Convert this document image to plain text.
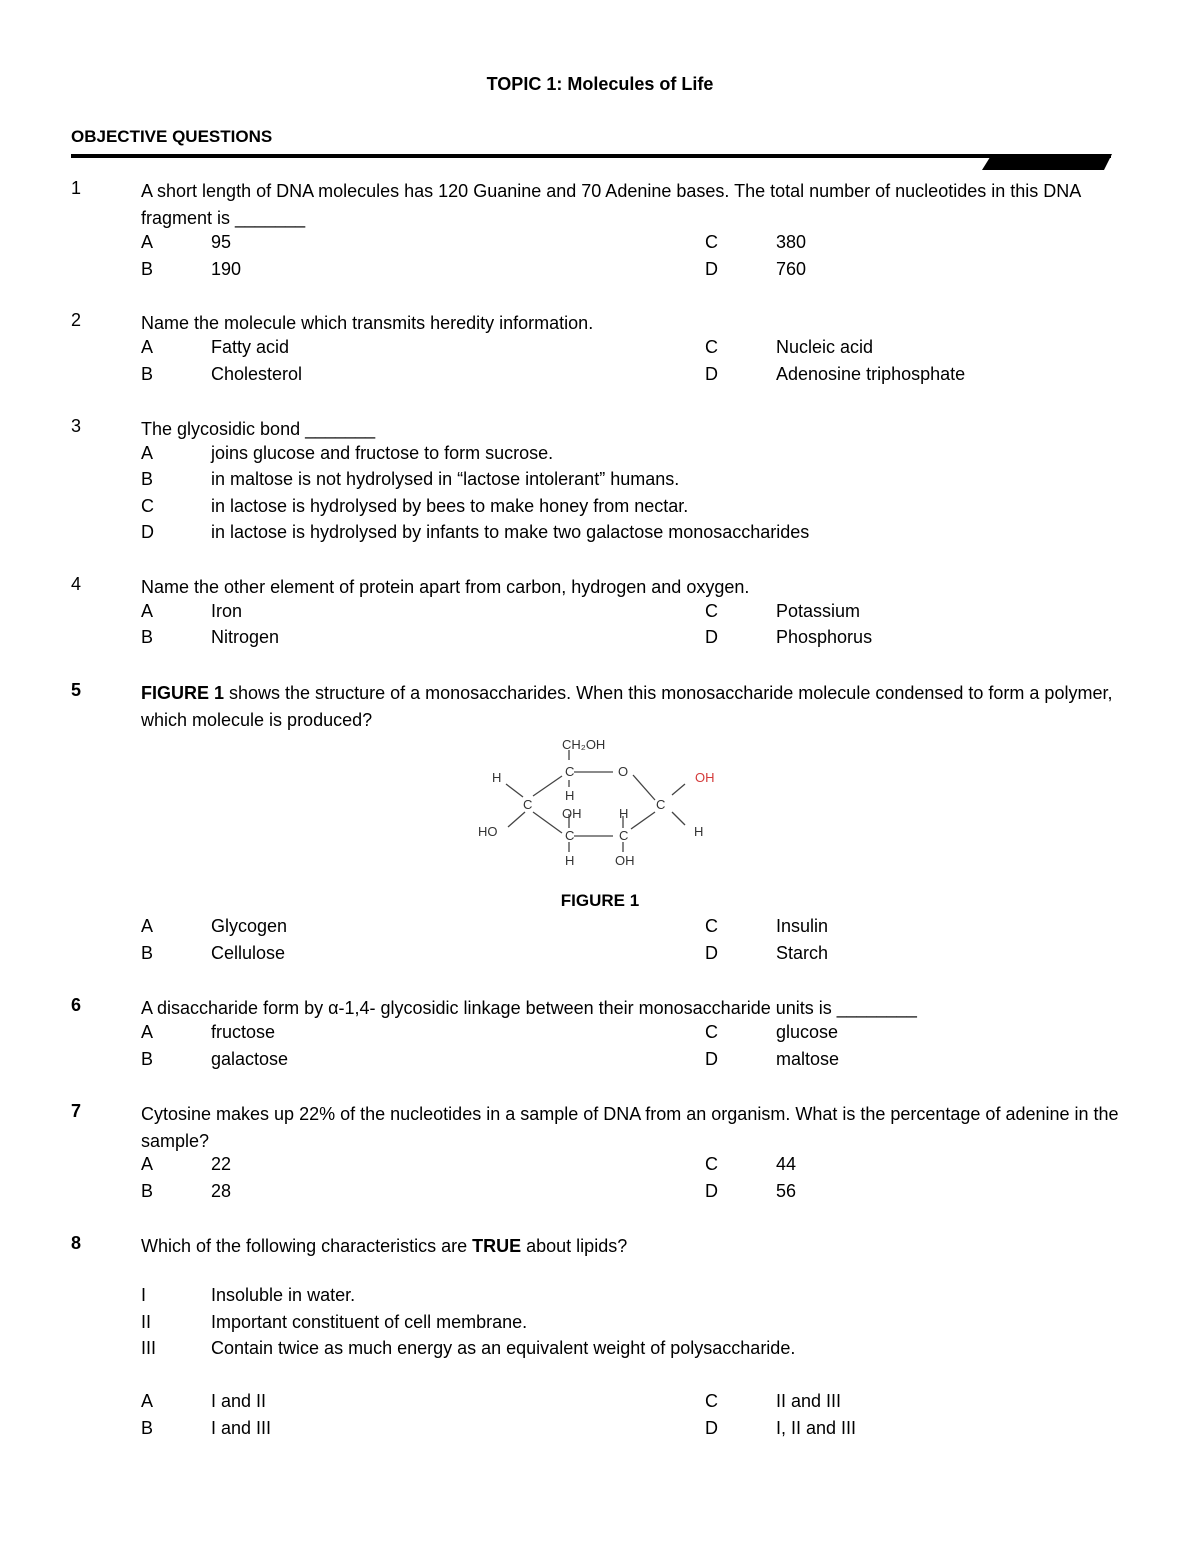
TOPIC 1: Molecules of Life
OBJECTIVE QUESTIONS
1	A short length of DNA molecules has 120 Guanine and 70 Adenine bases. The total number of nucleotides in this DNA fragment is _______
A	95
B	190
C	380
D	760
2	Name the molecule which transmits heredity information.
A	Fatty acid
B	Cholesterol
C	Nucleic acid
D	Adenosine triphosphate
3	The glycosidic bond _______
A	joins glucose and fructose to form sucrose.
B	in maltose is not hydrolysed in “lactose intolerant” humans.
C	in lactose is hydrolysed by bees to make honey from nectar.
D	in lactose is hydrolysed by infants to make two galactose monosaccharides
4	Name the other element of protein apart from carbon, hydrogen and oxygen.
A	Iron
B	Nitrogen
C	Potassium
D	Phosphorus
5	FIGURE 1 shows the structure of a monosaccharides. When this monosaccharide molecule condensed to form a polymer, which molecule is produced?
CH₂OH
C	O
H	OH
C	C
H
OH	H
HO	H
C	C
H	OH
FIGURE 1
A	Glycogen
B	Cellulose
C	Insulin
D	Starch
6	A disaccharide form by α-1,4- glycosidic linkage between their monosaccharide units is ________
A	fructose
B	galactose
C	glucose
D	maltose
7	Cytosine makes up 22% of the nucleotides in a sample of DNA from an organism. What is the percentage of adenine in the sample?
A	22
B	28
C	44
D	56
8	Which of the following characteristics are TRUE about lipids?
I	Insoluble in water.
II	Important constituent of cell membrane.
III	Contain twice as much energy as an equivalent weight of polysaccharide.
A	I and II
B	I and III
C	II and III
D	I, II and III
